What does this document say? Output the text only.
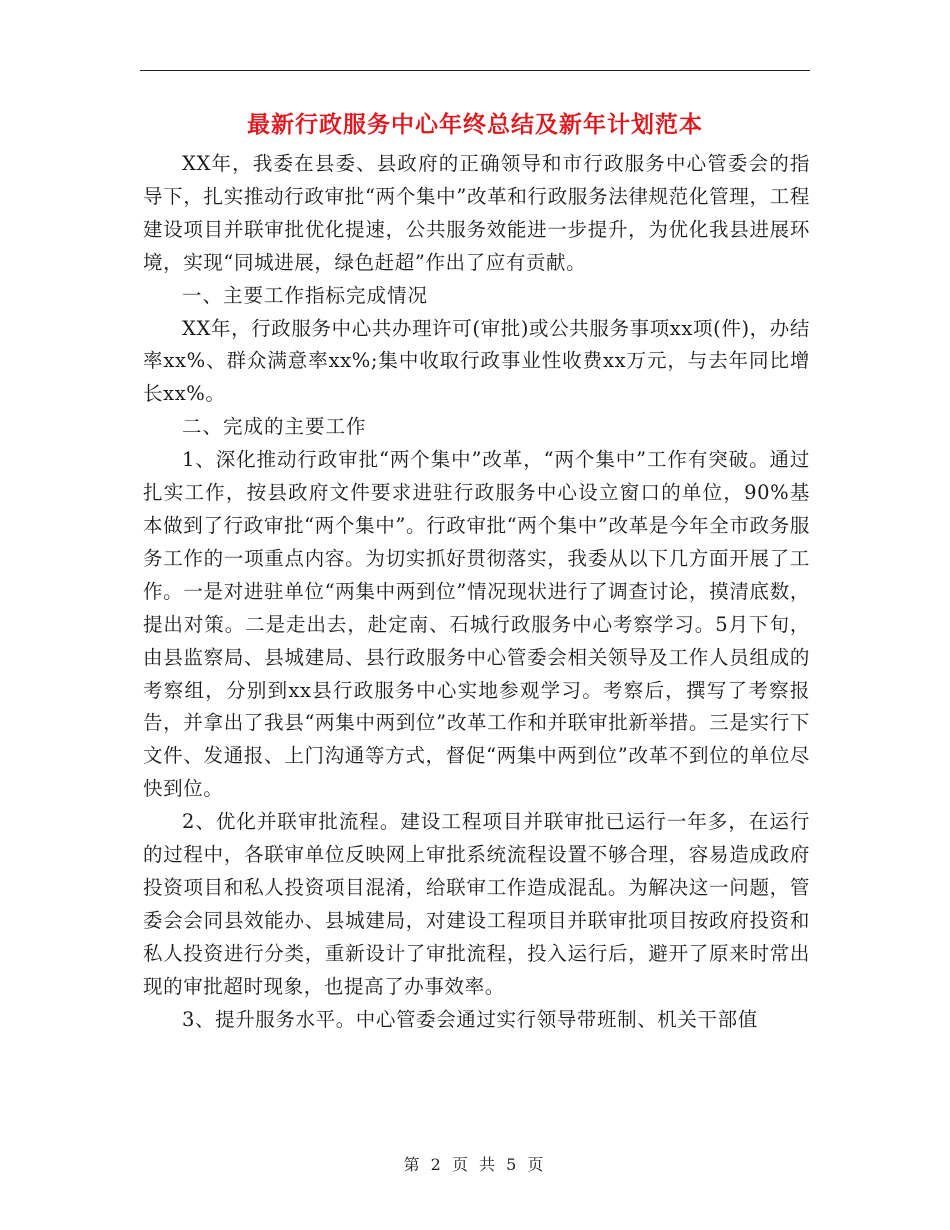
最新行政服务中心年终总结及新年计划范本

XX年，我委在县委、县政府的正确领导和市行政服务中心管委会的指导下，扎实推动行政审批“两个集中”改革和行政服务法律规范化管理，工程建设项目并联审批优化提速，公共服务效能进一步提升，为优化我县进展环境，实现“同城进展，绿色赶超”作出了应有贡献。

一、主要工作指标完成情况

XX年，行政服务中心共办理许可(审批)或公共服务事项xx项(件)，办结率xx%、群众满意率xx%;集中收取行政事业性收费xx万元，与去年同比增长xx%。

二、完成的主要工作

1、深化推动行政审批“两个集中”改革，“两个集中”工作有突破。通过扎实工作，按县政府文件要求进驻行政服务中心设立窗口的单位，90%基本做到了行政审批“两个集中”。行政审批“两个集中”改革是今年全市政务服务工作的一项重点内容。为切实抓好贯彻落实，我委从以下几方面开展了工作。一是对进驻单位“两集中两到位”情况现状进行了调查讨论，摸清底数，提出对策。二是走出去，赴定南、石城行政服务中心考察学习。5月下旬，由县监察局、县城建局、县行政服务中心管委会相关领导及工作人员组成的考察组，分别到xx县行政服务中心实地参观学习。考察后，撰写了考察报告，并拿出了我县“两集中两到位”改革工作和并联审批新举措。三是实行下文件、发通报、上门沟通等方式，督促“两集中两到位”改革不到位的单位尽快到位。

2、优化并联审批流程。建设工程项目并联审批已运行一年多，在运行的过程中，各联审单位反映网上审批系统流程设置不够合理，容易造成政府投资项目和私人投资项目混淆，给联审工作造成混乱。为解决这一问题，管委会会同县效能办、县城建局，对建设工程项目并联审批项目按政府投资和私人投资进行分类，重新设计了审批流程，投入运行后，避开了原来时常出现的审批超时现象，也提高了办事效率。

3、提升服务水平。中心管委会通过实行领导带班制、机关干部值

第 2 页 共 5 页
